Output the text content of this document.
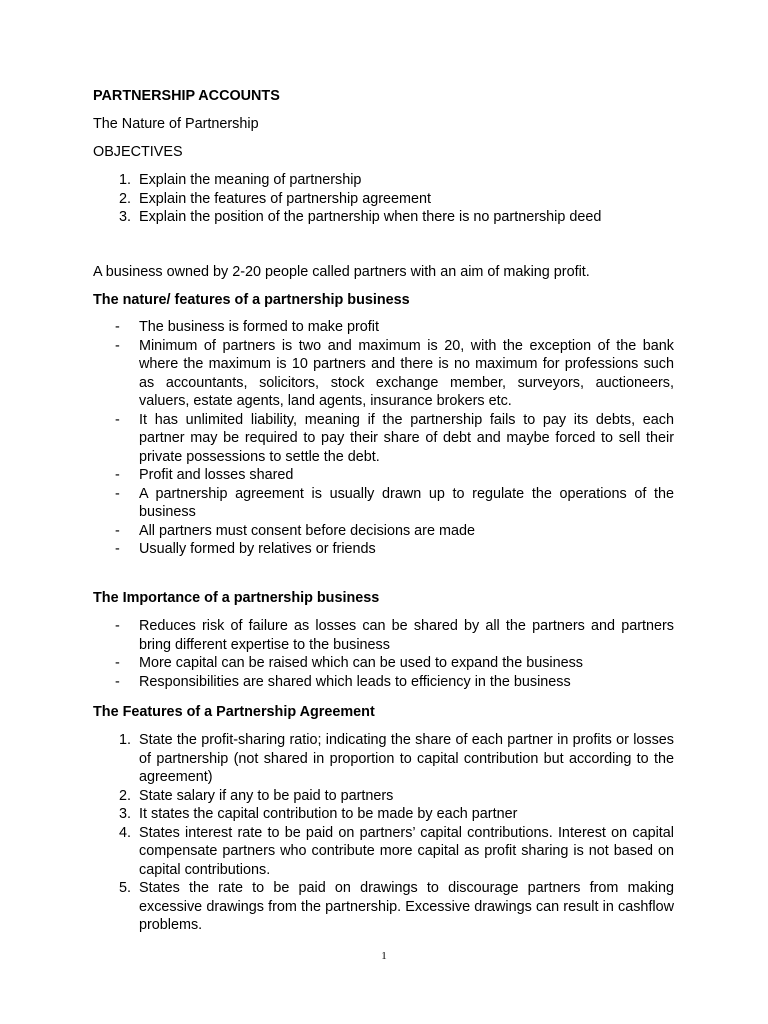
PARTNERSHIP ACCOUNTS
The Nature of Partnership
OBJECTIVES
1. Explain the meaning of partnership
2. Explain the features of partnership agreement
3. Explain the position of the partnership when there is no partnership deed
A business owned by 2-20 people called partners with an aim of making profit.
The nature/ features of a partnership business
- The business is formed to make profit
- Minimum of partners is two and maximum is 20, with the exception of the bank where the maximum is 10 partners and there is no maximum for professions such as accountants, solicitors, stock exchange member, surveyors, auctioneers, valuers, estate agents, land agents, insurance brokers etc.
- It has unlimited liability, meaning if the partnership fails to pay its debts, each partner may be required to pay their share of debt and maybe forced to sell their private possessions to settle the debt.
- Profit and losses shared
- A partnership agreement is usually drawn up to regulate the operations of the business
- All partners must consent before decisions are made
- Usually formed by relatives or friends
The Importance of a partnership business
- Reduces risk of failure as losses can be shared by all the partners and partners bring different expertise to the business
- More capital can be raised which can be used to expand the business
- Responsibilities are shared which leads to efficiency in the business
The Features of a Partnership Agreement
1. State the profit-sharing ratio; indicating the share of each partner in profits or losses of partnership (not shared in proportion to capital contribution but according to the agreement)
2. State salary if any to be paid to partners
3. It states the capital contribution to be made by each partner
4. States interest rate to be paid on partners’ capital contributions. Interest on capital compensate partners who contribute more capital as profit sharing is not based on capital contributions.
5. States the rate to be paid on drawings to discourage partners from making excessive drawings from the partnership. Excessive drawings can result in cashflow problems.
1
